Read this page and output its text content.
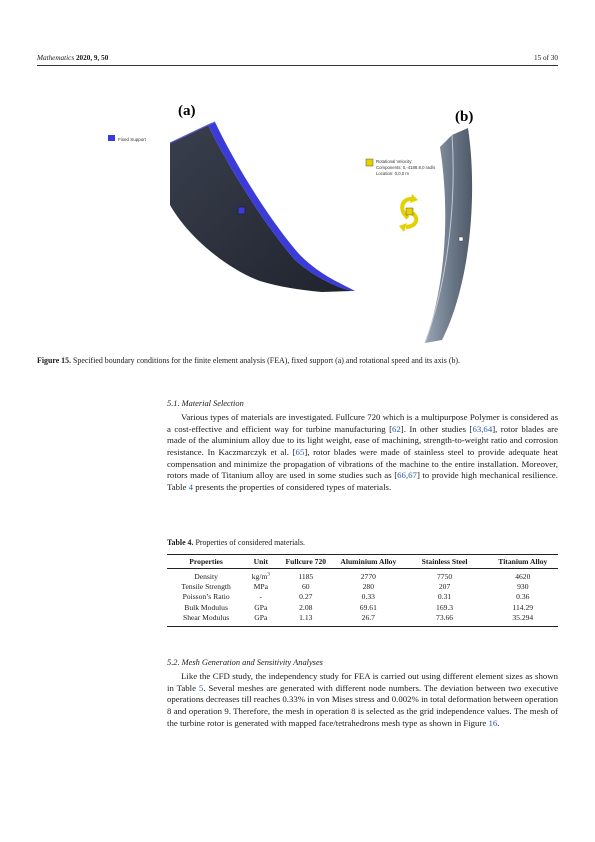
Mathematics 2020, 9, 50	15 of 30
(a)
Fixed Support
(b)
Rotational Velocity:
Components: 0,-4188.8,0 rad/s
Location: 0,0,0 m
Figure 15. Specified boundary conditions for the finite element analysis (FEA), fixed support (a) and rotational speed and its axis (b).
5.1. Material Selection
Various types of materials are investigated. Fullcure 720 which is a multipurpose Polymer is considered as a cost-effective and efficient way for turbine manufacturing [62]. In other studies [63,64], rotor blades are made of the aluminium alloy due to its light weight, ease of machining, strength-to-weight ratio and corrosion resistance. In Kaczmarczyk et al. [65], rotor blades were made of stainless steel to provide adequate heat compensation and minimize the propagation of vibrations of the machine to the entire installation. Moreover, rotors made of Titanium alloy are used in some studies such as [66,67] to provide high mechanical resilience. Table 4 presents the properties of considered types of materials.
Table 4. Properties of considered materials.
Properties	Unit	Fullcure 720	Aluminium Alloy	Stainless Steel	Titanium Alloy
Density	$kg/m^3$	1185	2770	7750	4620
Tensile Strength	MPa	60	280	207	930
Poisson’s Ratio	-	0.27	0.33	0.31	0.36
Bulk Modulus	GPa	2.08	69.61	169.3	114.29
Shear Modulus	GPa	1.13	26.7	73.66	35.294
5.2. Mesh Generation and Sensitivity Analyses
Like the CFD study, the independency study for FEA is carried out using different element sizes as shown in Table 5. Several meshes are generated with different node numbers. The deviation between two executive operations decreases till reaches 0.33% in von Mises stress and 0.002% in total deformation between operation 8 and operation 9. Therefore, the mesh in operation 8 is selected as the grid independence values. The mesh of the turbine rotor is generated with mapped face/tetrahedrons mesh type as shown in Figure 16.
